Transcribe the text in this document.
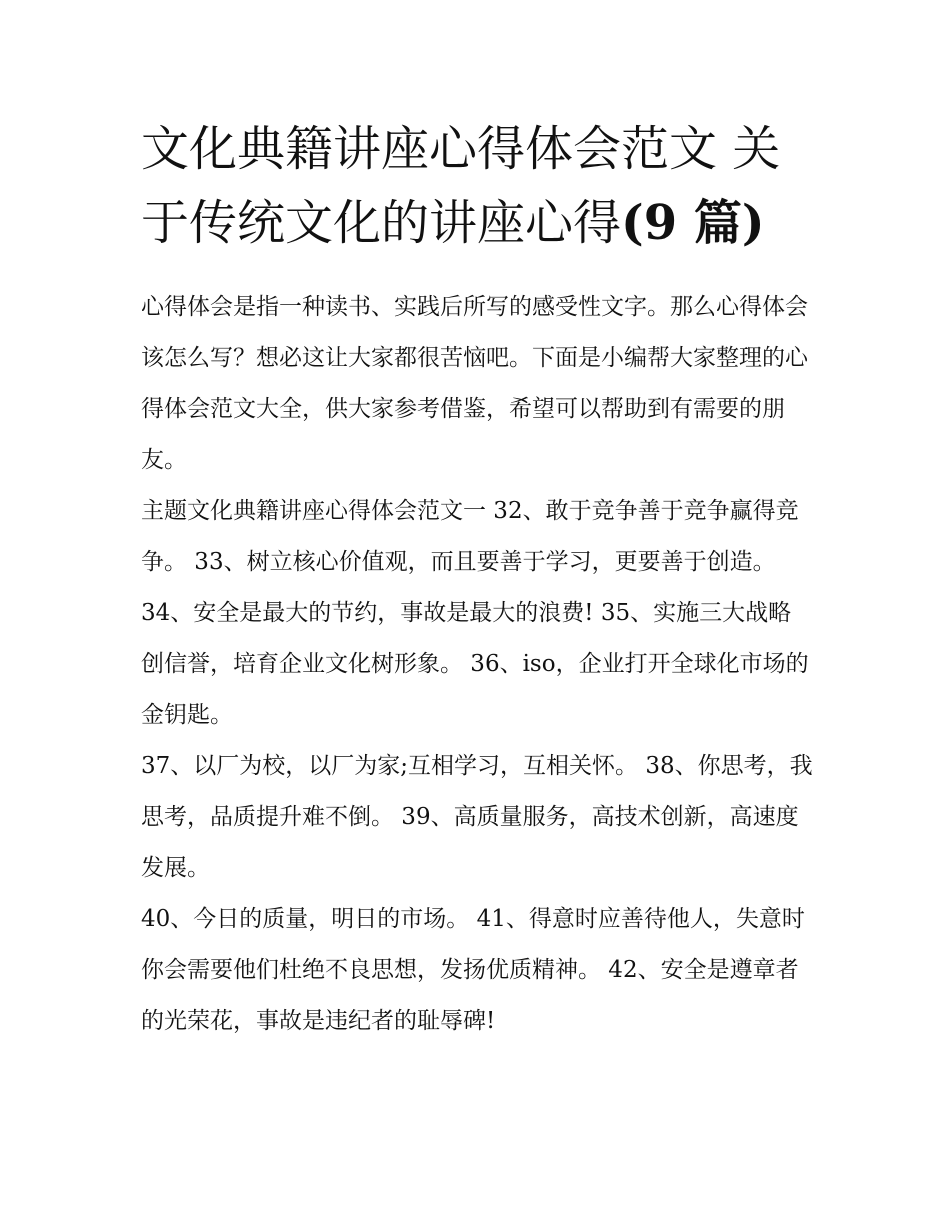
文化典籍讲座心得体会范文 关于传统文化的讲座心得(9 篇)

心得体会是指一种读书、实践后所写的感受性文字。那么心得体会该怎么写？想必这让大家都很苦恼吧。下面是小编帮大家整理的心得体会范文大全，供大家参考借鉴，希望可以帮助到有需要的朋友。

主题文化典籍讲座心得体会范文一 32、敢于竞争善于竞争赢得竞争。 33、树立核心价值观，而且要善于学习，更要善于创造。

34、安全是最大的节约，事故是最大的浪费! 35、实施三大战略创信誉，培育企业文化树形象。 36、iso，企业打开全球化市场的金钥匙。

37、以厂为校，以厂为家;互相学习，互相关怀。 38、你思考，我思考，品质提升难不倒。 39、高质量服务，高技术创新，高速度发展。

40、今日的质量，明日的市场。 41、得意时应善待他人，失意时你会需要他们杜绝不良思想，发扬优质精神。 42、安全是遵章者的光荣花，事故是违纪者的耻辱碑!
